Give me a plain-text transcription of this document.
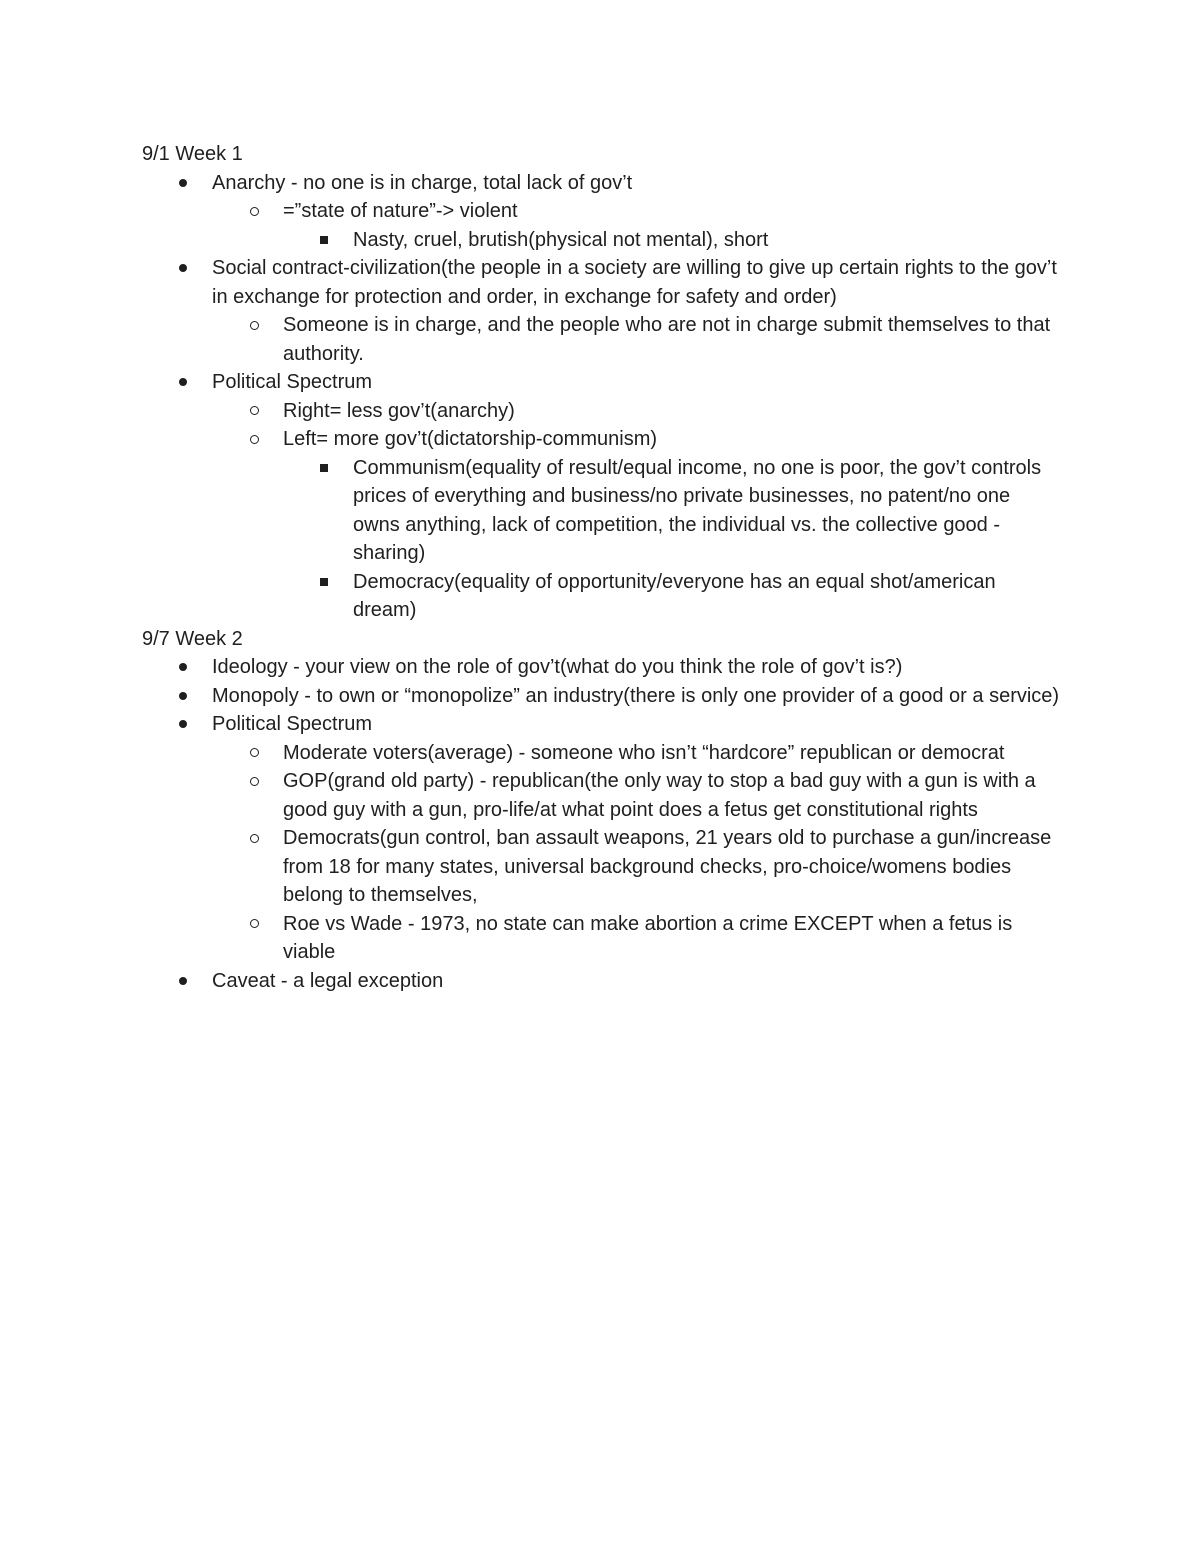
9/1 Week 1

Anarchy - no one is in charge, total lack of gov’t
=”state of nature”-> violent
Nasty, cruel, brutish(physical not mental), short
Social contract-civilization(the people in a society are willing to give up certain rights to the gov’t in exchange for protection and order, in exchange for safety and order)
Someone is in charge, and the people who are not in charge submit themselves to that authority.
Political Spectrum
Right= less gov’t(anarchy)
Left= more gov’t(dictatorship-communism)
Communism(equality of result/equal income, no one is poor, the gov’t controls prices of everything and business/no private businesses, no patent/no one owns anything, lack of competition, the individual vs. the collective good - sharing)
Democracy(equality of opportunity/everyone has an equal shot/american dream)

9/7 Week 2

Ideology - your view on the role of gov’t(what do you think the role of gov’t is?)
Monopoly - to own or “monopolize” an industry(there is only one provider of a good or a service)
Political Spectrum
Moderate voters(average) - someone who isn’t “hardcore” republican or democrat
GOP(grand old party) - republican(the only way to stop a bad guy with a gun is with a good guy with a gun, pro-life/at what point does a fetus get constitutional rights
Democrats(gun control, ban assault weapons, 21 years old to purchase a gun/increase from 18 for many states, universal background checks, pro-choice/womens bodies belong to themselves,
Roe vs Wade - 1973, no state can make abortion a crime EXCEPT when a fetus is viable
Caveat - a legal exception
